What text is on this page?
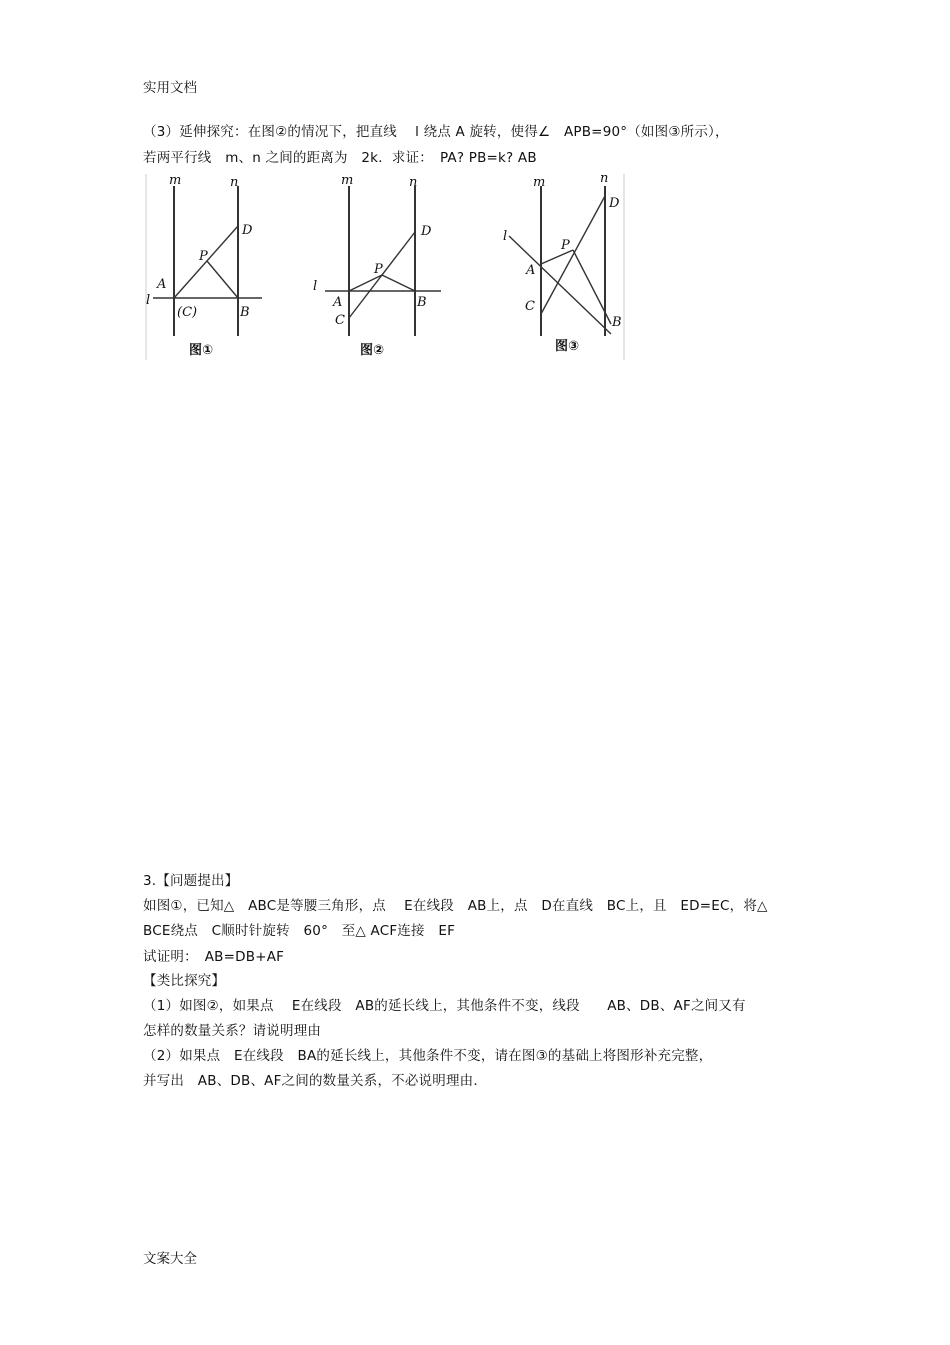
实用文档
（3）延伸探究：在图②的情况下，把直线　 l 绕点 A 旋转，使得∠　APB=90°（如图③所示），
若两平行线　m、n 之间的距离为　2k．求证：　PA? PB=k? AB
m	n
D
P
A
l
(C)	B
图①
m	n
D
P
l
A	B
C
图②
m	n
D
l
P
A
C
B
图③
3.【问题提出】
如图①，已知△　ABC是等腰三角形，点　 E在线段　AB上，点　D在直线　BC上，且　ED=EC，将△
BCE绕点　C顺时针旋转　60°　至△ ACF连接　EF
试证明：　AB=DB+AF
【类比探究】
（1）如图②，如果点　 E在线段　AB的延长线上，其他条件不变，线段　　AB、DB、AF之间又有
怎样的数量关系？请说明理由
（2）如果点　E在线段　BA的延长线上，其他条件不变，请在图③的基础上将图形补充完整，
并写出　AB、DB、AF之间的数量关系，不必说明理由.
文案大全
